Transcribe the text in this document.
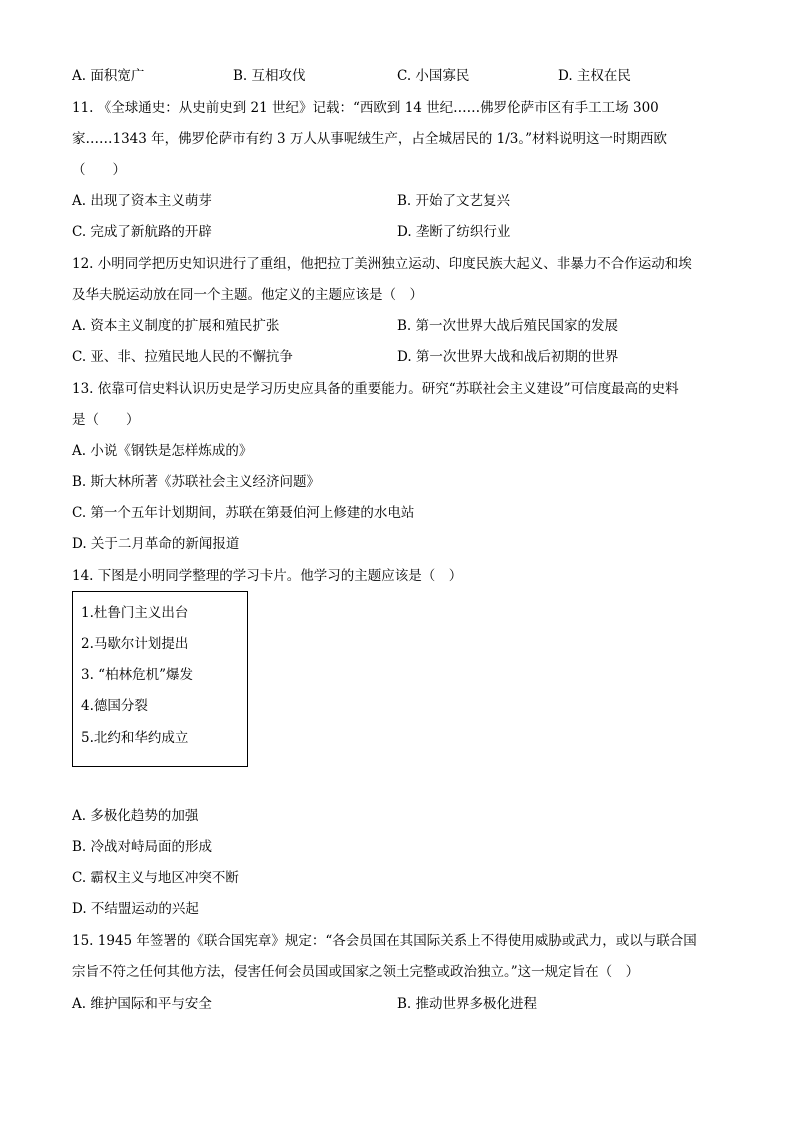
A. 面积宽广	B. 互相攻伐	C. 小国寡民	D. 主权在民
11. 《全球通史：从史前史到 21 世纪》记载：“西欧到 14 世纪……佛罗伦萨市区有手工工场 300
家……1343 年，佛罗伦萨市有约 3 万人从事呢绒生产，占全城居民的 1/3。”材料说明这一时期西欧
（　　）
A. 出现了资本主义萌芽	B. 开始了文艺复兴
C. 完成了新航路的开辟	D. 垄断了纺织行业
12. 小明同学把历史知识进行了重组，他把拉丁美洲独立运动、印度民族大起义、非暴力不合作运动和埃
及华夫脱运动放在同一个主题。他定义的主题应该是（　）
A. 资本主义制度的扩展和殖民扩张	B. 第一次世界大战后殖民国家的发展
C. 亚、非、拉殖民地人民的不懈抗争	D. 第一次世界大战和战后初期的世界
13. 依靠可信史料认识历史是学习历史应具备的重要能力。研究“苏联社会主义建设”可信度最高的史料
是（　　）
A. 小说《钢铁是怎样炼成的》
B. 斯大林所著《苏联社会主义经济问题》
C. 第一个五年计划期间，苏联在第聂伯河上修建的水电站
D. 关于二月革命的新闻报道
14. 下图是小明同学整理的学习卡片。他学习的主题应该是（　）
1.杜鲁门主义出台
2.马歇尔计划提出
3. “柏林危机”爆发
4.德国分裂
5.北约和华约成立
A. 多极化趋势的加强
B. 冷战对峙局面的形成
C. 霸权主义与地区冲突不断
D. 不结盟运动的兴起
15. 1945 年签署的《联合国宪章》规定：“各会员国在其国际关系上不得使用威胁或武力，或以与联合国
宗旨不符之任何其他方法，侵害任何会员国或国家之领土完整或政治独立。”这一规定旨在（　）
A. 维护国际和平与安全	B. 推动世界多极化进程
